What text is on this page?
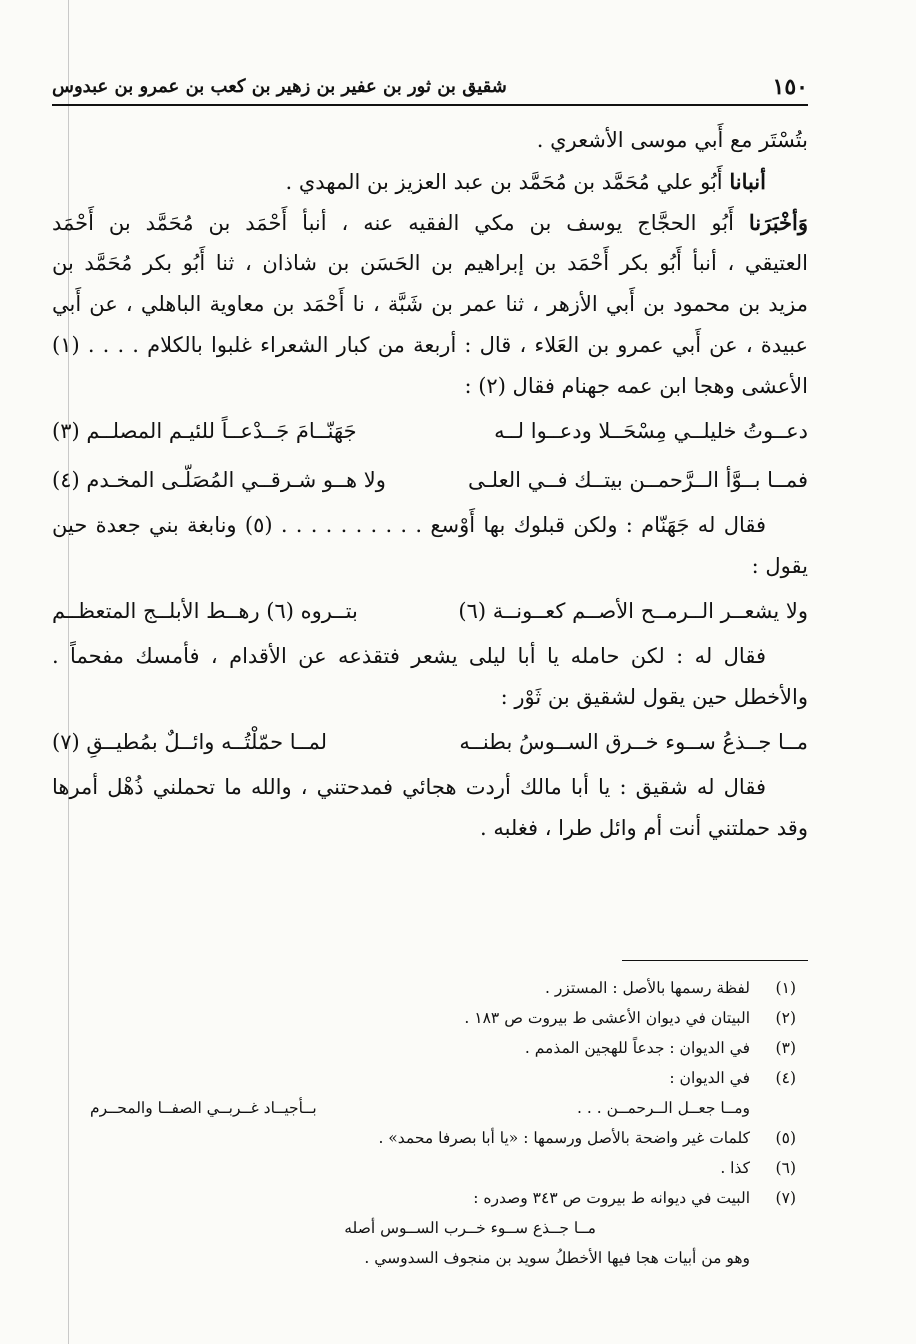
١٥٠
شقيق بن ثور بن عفير بن زهير بن كعب بن عمرو بن عبدوس
بتُسْتَر مع أَبي موسى الأشعري .
أنبانا أَبُو علي مُحَمَّد بن مُحَمَّد بن عبد العزيز بن المهدي .
وَأخْبَرَنا أَبُو الحجَّاج يوسف بن مكي الفقيه عنه ، أنبأ أَحْمَد بن مُحَمَّد بن أَحْمَد
العتيقي ، أنبأ أَبُو بكر أَحْمَد بن إبراهيم بن الحَسَن بن شاذان ، ثنا أَبُو بكر مُحَمَّد بن
مزيد بن محمود بن أَبي الأزهر ، ثنا عمر بن شَبَّة ، نا أَحْمَد بن معاوية الباهلي ، عن أَبي
عبيدة ، عن أَبي عمرو بن العَلاء ، قال : أربعة من كبار الشعراء غلبوا بالكلام . . . . (١)
الأعشى وهجا ابن عمه جهنام فقال (٢) :
دعــوتُ خليلــي مِسْحَــلا ودعــوا لــه
جَهَنّــامَ جَــدْعــاً للئيـم المصلــم (٣)
فمــا بــوَّأ الــرَّحمــن بيتــك فــي العلـى
ولا هــو شـرقــي المُصَلّـى المخـدم (٤)
فقال له جَهَنّام : ولكن قبلوك بها أَوْسع . . . . . . . . . . (٥) ونابغة بني جعدة حين
يقول :
ولا يشعــر الــرمــح الأصــم كعــونــة (٦)
بتــروه (٦) رهــط الأبلــج المتعظــم
فقال له : لكن حامله يا أبا ليلى يشعر فتقذعه عن الأقدام ، فأمسك مفحماً .
والأخطل حين يقول لشقيق بن ثَوْر :
مــا جــذعُ ســوء خــرق الســوسُ بطنــه
لمــا حمّلْتُــه وائــلٌ بمُطيــقِ (٧)
فقال له شقيق : يا أبا مالك أردت هجائي فمدحتني ، والله ما تحملني ذُهْل أمرها
وقد حملتني أنت أم وائل طرا ، فغلبه .
(١)لفظة رسمها بالأصل : المستزر .
(٢)البيتان في ديوان الأعشى ط بيروت ص ١٨٣ .
(٣)في الديوان : جدعاً للهجين المذمم .
(٤)في الديوان :
ومــا جعــل الــرحمــن . . .
بــأجيــاد غــربــي الصفــا والمحــرم
(٥)كلمات غير واضحة بالأصل ورسمها : «يا أبا بصرفا محمد» .
(٦)كذا .
(٧)البيت في ديوانه ط بيروت ص ٣٤٣ وصدره :
مــا جــذع ســوء خــرب الســوس أصله
وهو من أبيات هجا فيها الأخطلُ سويد بن منجوف السدوسي .
